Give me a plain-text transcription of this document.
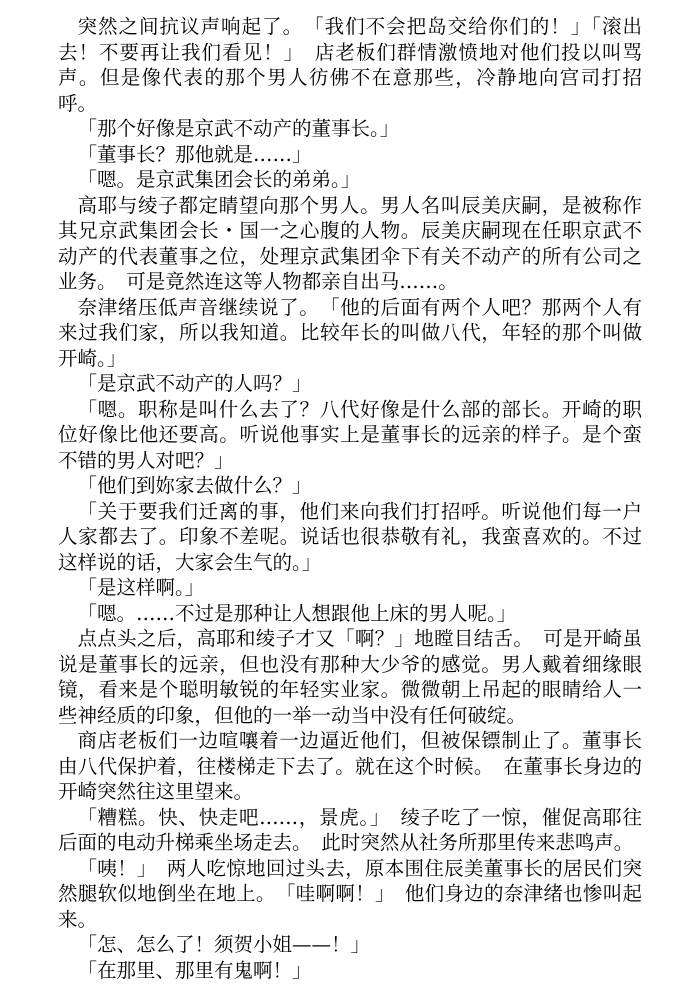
突然之间抗议声响起了。　「我们不会把岛交给你们的！」「滚出去！不要再让我们看见！」　店老板们群情激愤地对他们投以叫骂声。但是像代表的那个男人彷佛不在意那些，冷静地向宫司打招呼。

「那个好像是京武不动产的董事长。」

「董事长？那他就是……」

「嗯。是京武集团会长的弟弟。」

高耶与绫子都定睛望向那个男人。男人名叫辰美庆嗣，是被称作其兄京武集团会长・国一之心腹的人物。辰美庆嗣现在任职京武不动产的代表董事之位，处理京武集团伞下有关不动产的所有公司之业务。　可是竟然连这等人物都亲自出马……。

奈津绪压低声音继续说了。　「他的后面有两个人吧？那两个人有来过我们家，所以我知道。比较年长的叫做八代，年轻的那个叫做开崎。」

「是京武不动产的人吗？」

「嗯。职称是叫什么去了？八代好像是什么部的部长。开崎的职位好像比他还要高。听说他事实上是董事长的远亲的样子。是个蛮不错的男人对吧？」

「他们到妳家去做什么？」

「关于要我们迁离的事，他们来向我们打招呼。听说他们每一户人家都去了。印象不差呢。说话也很恭敬有礼，我蛮喜欢的。不过这样说的话，大家会生气的。」

「是这样啊。」

「嗯。……不过是那种让人想跟他上床的男人呢。」

点点头之后，高耶和绫子才又「啊？」地瞠目结舌。　可是开崎虽说是董事长的远亲，但也没有那种大少爷的感觉。男人戴着细缘眼镜，看来是个聪明敏锐的年轻实业家。微微朝上吊起的眼睛给人一些神经质的印象，但他的一举一动当中没有任何破绽。

商店老板们一边喧嚷着一边逼近他们，但被保镖制止了。董事长由八代保护着，往楼梯走下去了。就在这个时候。　在董事长身边的开崎突然往这里望来。

「糟糕。快、快走吧……，景虎。」　绫子吃了一惊，催促高耶往后面的电动升梯乘坐场走去。　此时突然从社务所那里传来悲鸣声。

「咦！」　两人吃惊地回过头去，原本围住辰美董事长的居民们突然腿软似地倒坐在地上。　「哇啊啊！」　他们身边的奈津绪也惨叫起来。

「怎、怎么了！须贺小姐——！」

「在那里、那里有鬼啊！」
